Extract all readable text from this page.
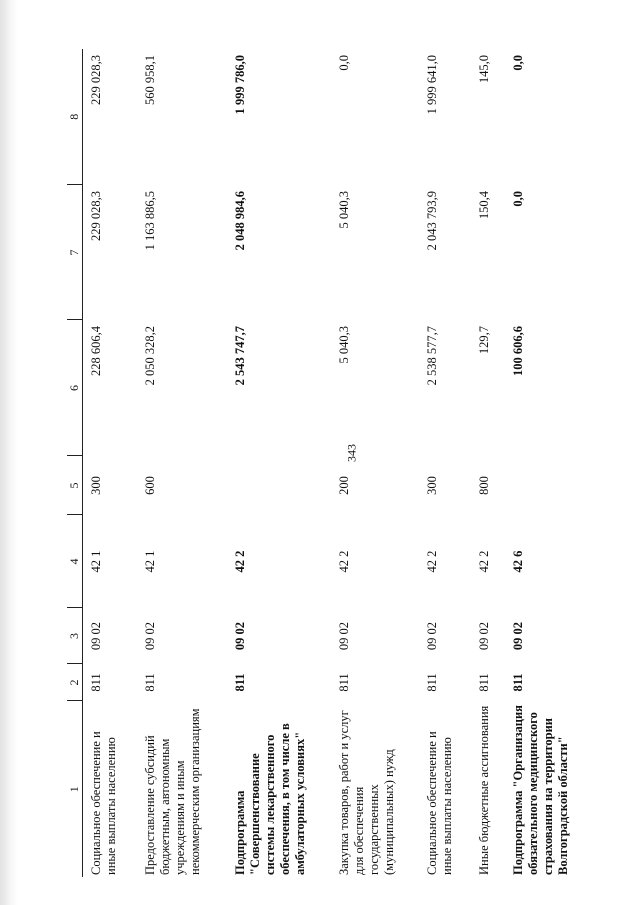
343
1	2	3	4	5	6	7	8
Социальное обеспечение и иные выплаты населению	811	09 02	42 1	300	228 606,4	229 028,3	229 028,3
Предоставление субсидий бюджетным, автономным учреждениям и иным некоммерческим организациям	811	09 02	42 1	600	2 050 328,2	1 163 886,5	560 958,1
Подпрограмма "Совершенствование системы лекарственного обеспечения, в том числе в амбулаторных условиях"	811	09 02	42 2		2 543 747,7	2 048 984,6	1 999 786,0
Закупка товаров, работ и услуг для обеспечения государственных (муниципальных) нужд	811	09 02	42 2	200	5 040,3	5 040,3	0,0
Социальное обеспечение и иные выплаты населению	811	09 02	42 2	300	2 538 577,7	2 043 793,9	1 999 641,0
Иные бюджетные ассигнования	811	09 02	42 2	800	129,7	150,4	145,0
Подпрограмма "Организация обязательного медицинского страхования на территории Волгоградской области"	811	09 02	42 6		100 606,6	0,0	0,0
